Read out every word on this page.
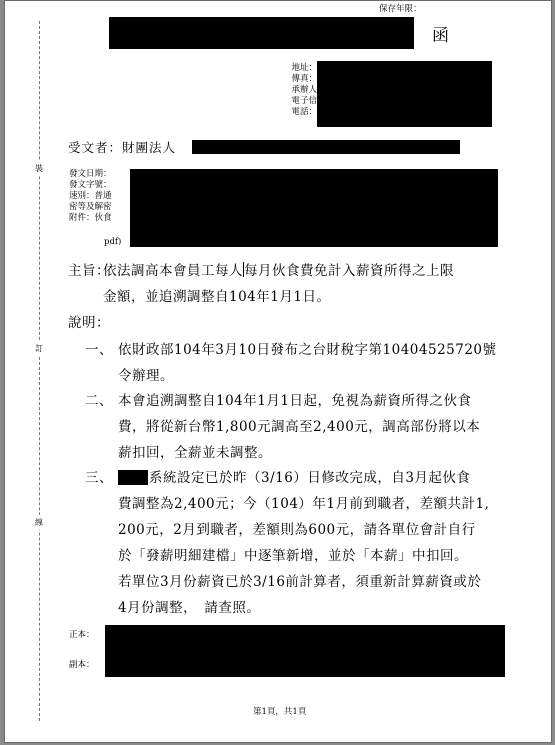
裝
訂
線
保存年限：
函
地址：
傳真：
承辦人
電子信
電話：
受文者：財團法人
發文日期：
發文字號：
速別：普通
密等及解密
附件：伙食
pdf)
主旨：
依法調高本會員工每人每月伙食費免計入薪資所得之上限
金額，並追溯調整自104年1月1日。
說明：
一、 依財政部104年3月10日發布之台財稅字第10404525720號
令辦理。
二、 本會追溯調整自104年1月1日起，免視為薪資所得之伙食
費，將從新台幣1,800元調高至2,400元，調高部份將以本
薪扣回，全薪並未調整。
三、	系統設定已於昨（3/16）日修改完成，自3月起伙食
費調整為2,400元；今（104）年1月前到職者，差額共計1,
200元，2月到職者，差額則為600元，請各單位會計自行
於「發薪明細建檔」中逐筆新增，並於「本薪」中扣回。
若單位3月份薪資已於3/16前計算者，須重新計算薪資或於
4月份調整，　請查照。
正本：
副本：
第1頁，共1頁
